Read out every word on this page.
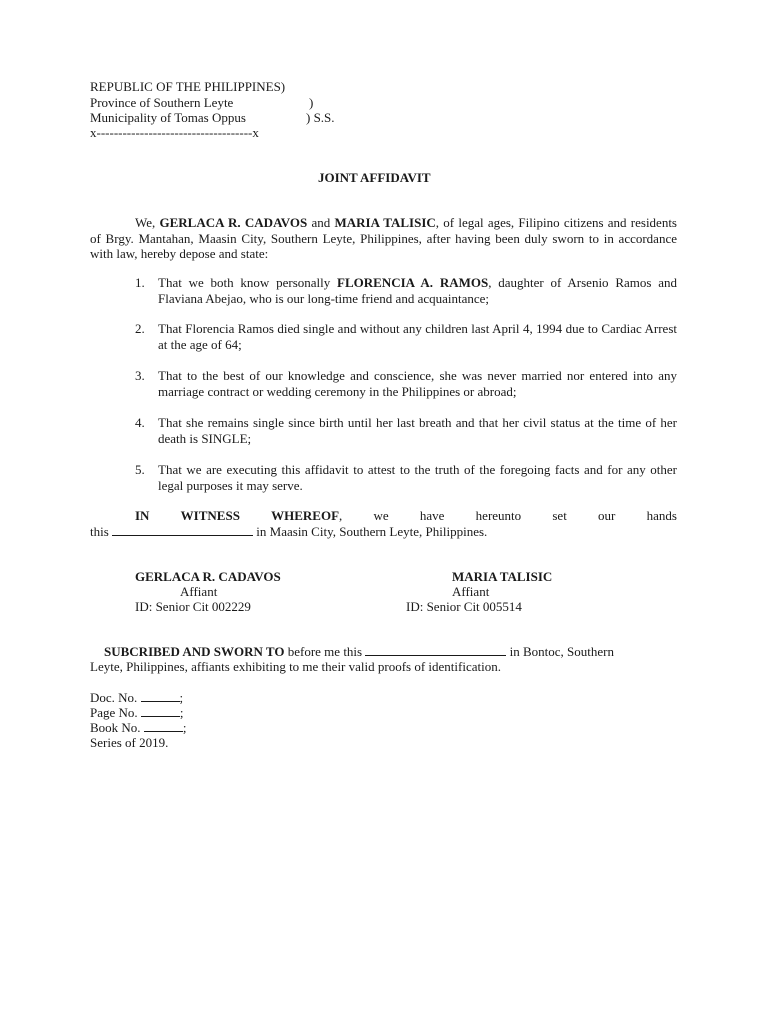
REPUBLIC OF THE PHILIPPINES)
Province of Southern Leyte	)
Municipality of Tomas Oppus	) S.S.
x------------------------------------x
JOINT AFFIDAVIT
We, GERLACA R. CADAVOS and MARIA TALISIC, of legal ages, Filipino citizens and residents of Brgy. Mantahan, Maasin City, Southern Leyte, Philippines, after having been duly sworn to in accordance with law, hereby depose and state:
1. That we both know personally FLORENCIA A. RAMOS, daughter of Arsenio Ramos and Flaviana Abejao, who is our long-time friend and acquaintance;
2. That Florencia Ramos died single and without any children last April 4, 1994 due to Cardiac Arrest at the age of 64;
3. That to the best of our knowledge and conscience, she was never married nor entered into any marriage contract or wedding ceremony in the Philippines or abroad;
4. That she remains single since birth until her last breath and that her civil status at the time of her death is SINGLE;
5. That we are executing this affidavit to attest to the truth of the foregoing facts and for any other legal purposes it may serve.
IN WITNESS WHEREOF, we have hereunto set our hands
this	in Maasin City, Southern Leyte, Philippines.
GERLACA R. CADAVOS
Affiant
ID: Senior Cit 002229
MARIA TALISIC
Affiant
ID: Senior Cit 005514
SUBCRIBED AND SWORN TO before me this	in Bontoc, Southern
Leyte, Philippines, affiants exhibiting to me their valid proofs of identification.
Doc. No.	;
Page No.	;
Book No.	;
Series of 2019.
